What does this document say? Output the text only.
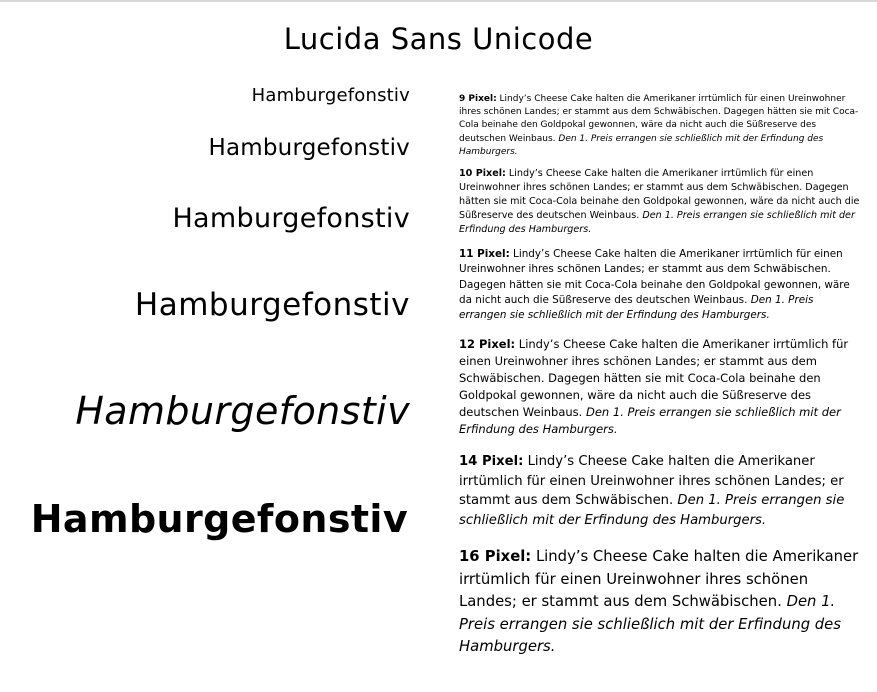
Lucida Sans Unicode
Hamburgefonstiv
Hamburgefonstiv
Hamburgefonstiv
Hamburgefonstiv
Hamburgefonstiv
Hamburgefonstiv

9 Pixel: Lindy’s Cheese Cake halten die Amerikaner irrtümlich für einen Ureinwohner ihres schönen Landes; er stammt aus dem Schwäbischen. Dagegen hätten sie mit Coca-Cola beinahe den Goldpokal gewonnen, wäre da nicht auch die Süßreserve des deutschen Weinbaus. Den 1. Preis errangen sie schließlich mit der Erfindung des Hamburgers.

10 Pixel: Lindy’s Cheese Cake halten die Amerikaner irrtümlich für einen Ureinwohner ihres schönen Landes; er stammt aus dem Schwäbischen. Dagegen hätten sie mit Coca-Cola beinahe den Goldpokal gewonnen, wäre da nicht auch die Süßreserve des deutschen Weinbaus. Den 1. Preis errangen sie schließlich mit der Erfindung des Hamburgers.

11 Pixel: Lindy’s Cheese Cake halten die Amerikaner irrtümlich für einen Ureinwohner ihres schönen Landes; er stammt aus dem Schwäbischen. Dagegen hätten sie mit Coca-Cola beinahe den Goldpokal gewonnen, wäre da nicht auch die Süßreserve des deutschen Weinbaus. Den 1. Preis errangen sie schließlich mit der Erfindung des Hamburgers.

12 Pixel: Lindy’s Cheese Cake halten die Amerikaner irrtümlich für einen Ureinwohner ihres schönen Landes; er stammt aus dem Schwäbischen. Dagegen hätten sie mit Coca-Cola beinahe den Goldpokal gewonnen, wäre da nicht auch die Süßreserve des deutschen Weinbaus. Den 1. Preis errangen sie schließlich mit der Erfindung des Hamburgers.

14 Pixel: Lindy’s Cheese Cake halten die Amerikaner irrtümlich für einen Ureinwohner ihres schönen Landes; er stammt aus dem Schwäbischen. Den 1. Preis errangen sie schließlich mit der Erfindung des Hamburgers.

16 Pixel: Lindy’s Cheese Cake halten die Amerikaner irrtümlich für einen Ureinwohner ihres schönen Landes; er stammt aus dem Schwäbischen. Den 1. Preis errangen sie schließlich mit der Erfindung des Hamburgers.
